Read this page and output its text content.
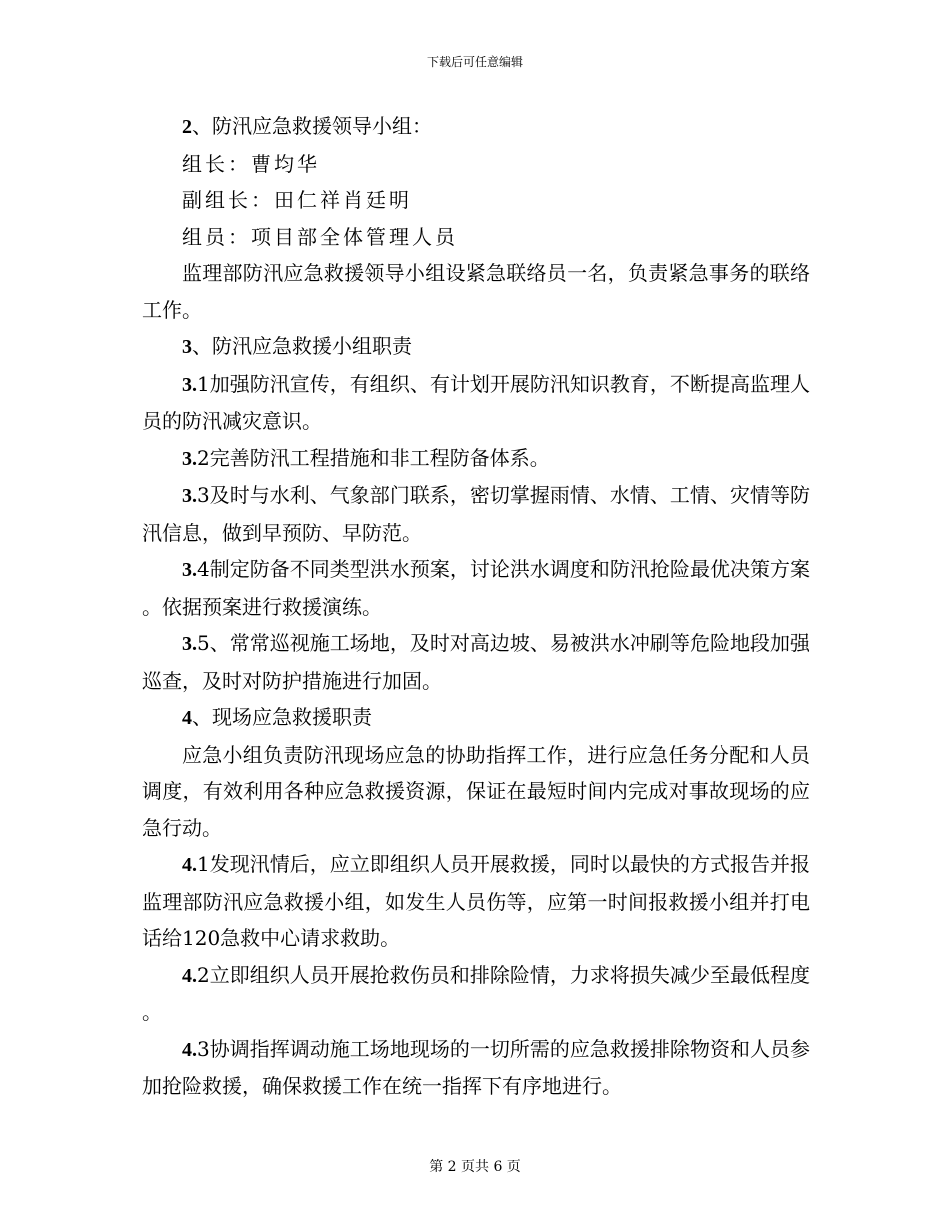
下载后可任意编辑

2、防汛应急救援领导小组：

组长：曹均华

副组长：田仁祥肖廷明

组员：项目部全体管理人员

监理部防汛应急救援领导小组设紧急联络员一名，负责紧急事务的联络工作。

3、防汛应急救援小组职责

3.1加强防汛宣传，有组织、有计划开展防汛知识教育，不断提高监理人员的防汛减灾意识。

3.2完善防汛工程措施和非工程防备体系。

3.3及时与水利、气象部门联系，密切掌握雨情、水情、工情、灾情等防汛信息，做到早预防、早防范。

3.4制定防备不同类型洪水预案，讨论洪水调度和防汛抢险最优决策方案。依据预案进行救援演练。

3.5、常常巡视施工场地，及时对高边坡、易被洪水冲刷等危险地段加强巡查，及时对防护措施进行加固。

4、现场应急救援职责

应急小组负责防汛现场应急的协助指挥工作，进行应急任务分配和人员调度，有效利用各种应急救援资源，保证在最短时间内完成对事故现场的应急行动。

4.1发现汛情后，应立即组织人员开展救援，同时以最快的方式报告并报监理部防汛应急救援小组，如发生人员伤等，应第一时间报救援小组并打电话给120急救中心请求救助。

4.2立即组织人员开展抢救伤员和排除险情，力求将损失减少至最低程度。

4.3协调指挥调动施工场地现场的一切所需的应急救援排除物资和人员参加抢险救援，确保救援工作在统一指挥下有序地进行。

第 2 页共 6 页
